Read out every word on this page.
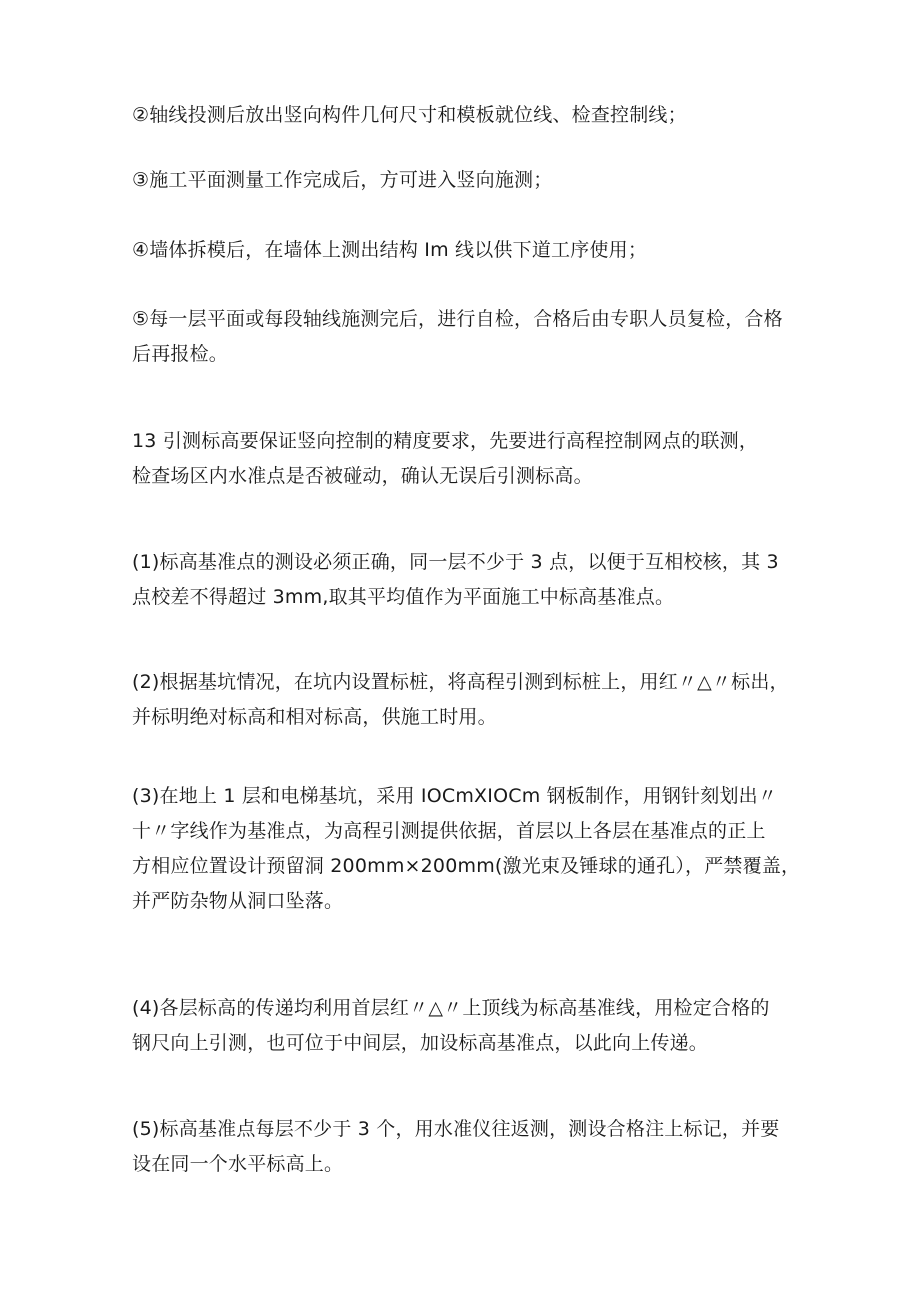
②轴线投测后放出竖向构件几何尺寸和模板就位线、检查控制线；

③施工平面测量工作完成后，方可进入竖向施测；

④墙体拆模后，在墙体上测出结构 Im 线以供下道工序使用；

⑤每一层平面或每段轴线施测完后，进行自检，合格后由专职人员复检，合格
后再报检。

13 引测标高要保证竖向控制的精度要求，先要进行高程控制网点的联测，
检查场区内水准点是否被碰动，确认无误后引测标高。

(1)标高基准点的测设必须正确，同一层不少于 3 点，以便于互相校核，其 3
点校差不得超过 3mm,取其平均值作为平面施工中标高基准点。

(2)根据基坑情况，在坑内设置标桩，将高程引测到标桩上，用红〃△〃标出，
并标明绝对标高和相对标高，供施工时用。

(3)在地上 1 层和电梯基坑，采用 IOCmXIOCm 钢板制作，用钢针刻划出〃
十〃字线作为基准点，为高程引测提供依据，首层以上各层在基准点的正上
方相应位置设计预留洞 200mm×200mm(激光束及锤球的通孔），严禁覆盖，
并严防杂物从洞口坠落。

(4)各层标高的传递均利用首层红〃△〃上顶线为标高基准线，用检定合格的
钢尺向上引测，也可位于中间层，加设标高基准点，以此向上传递。

(5)标高基准点每层不少于 3 个，用水准仪往返测，测设合格注上标记，并要
设在同一个水平标高上。
